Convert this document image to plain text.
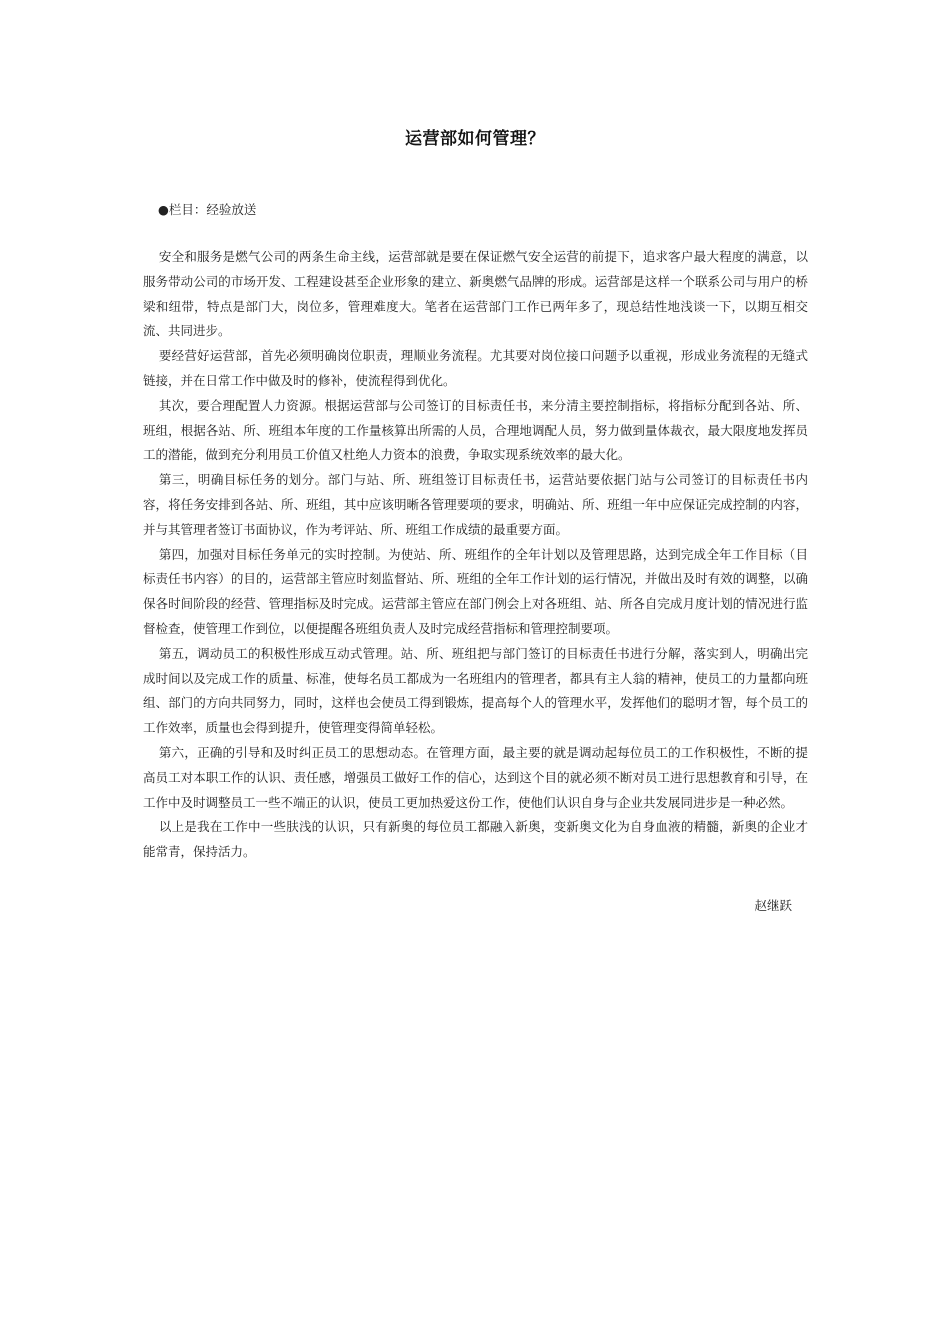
运营部如何管理？
●栏目：经验放送

安全和服务是燃气公司的两条生命主线，运营部就是要在保证燃气安全运营的前提下，追求客户最大程度的满意，以服务带动公司的市场开发、工程建设甚至企业形象的建立、新奥燃气品牌的形成。运营部是这样一个联系公司与用户的桥梁和纽带，特点是部门大，岗位多，管理难度大。笔者在运营部门工作已两年多了，现总结性地浅谈一下，以期互相交流、共同进步。

要经营好运营部，首先必须明确岗位职责，理顺业务流程。尤其要对岗位接口问题予以重视，形成业务流程的无缝式链接，并在日常工作中做及时的修补，使流程得到优化。

其次，要合理配置人力资源。根据运营部与公司签订的目标责任书，来分清主要控制指标，将指标分配到各站、所、班组，根据各站、所、班组本年度的工作量核算出所需的人员，合理地调配人员，努力做到量体裁衣，最大限度地发挥员工的潜能，做到充分利用员工价值又杜绝人力资本的浪费，争取实现系统效率的最大化。

第三，明确目标任务的划分。部门与站、所、班组签订目标责任书，运营站要依据门站与公司签订的目标责任书内容，将任务安排到各站、所、班组，其中应该明晰各管理要项的要求，明确站、所、班组一年中应保证完成控制的内容，并与其管理者签订书面协议，作为考评站、所、班组工作成绩的最重要方面。

第四，加强对目标任务单元的实时控制。为使站、所、班组作的全年计划以及管理思路，达到完成全年工作目标（目标责任书内容）的目的，运营部主管应时刻监督站、所、班组的全年工作计划的运行情况，并做出及时有效的调整，以确保各时间阶段的经营、管理指标及时完成。运营部主管应在部门例会上对各班组、站、所各自完成月度计划的情况进行监督检查，使管理工作到位，以便提醒各班组负责人及时完成经营指标和管理控制要项。

第五，调动员工的积极性形成互动式管理。站、所、班组把与部门签订的目标责任书进行分解，落实到人，明确出完成时间以及完成工作的质量、标准，使每名员工都成为一名班组内的管理者，都具有主人翁的精神，使员工的力量都向班组、部门的方向共同努力，同时，这样也会使员工得到锻炼，提高每个人的管理水平，发挥他们的聪明才智，每个员工的工作效率，质量也会得到提升，使管理变得简单轻松。

第六，正确的引导和及时纠正员工的思想动态。在管理方面，最主要的就是调动起每位员工的工作积极性，不断的提高员工对本职工作的认识、责任感，增强员工做好工作的信心，达到这个目的就必须不断对员工进行思想教育和引导，在工作中及时调整员工一些不端正的认识，使员工更加热爱这份工作，使他们认识自身与企业共发展同进步是一种必然。

以上是我在工作中一些肤浅的认识，只有新奥的每位员工都融入新奥，变新奥文化为自身血液的精髓，新奥的企业才能常青，保持活力。

赵继跃
